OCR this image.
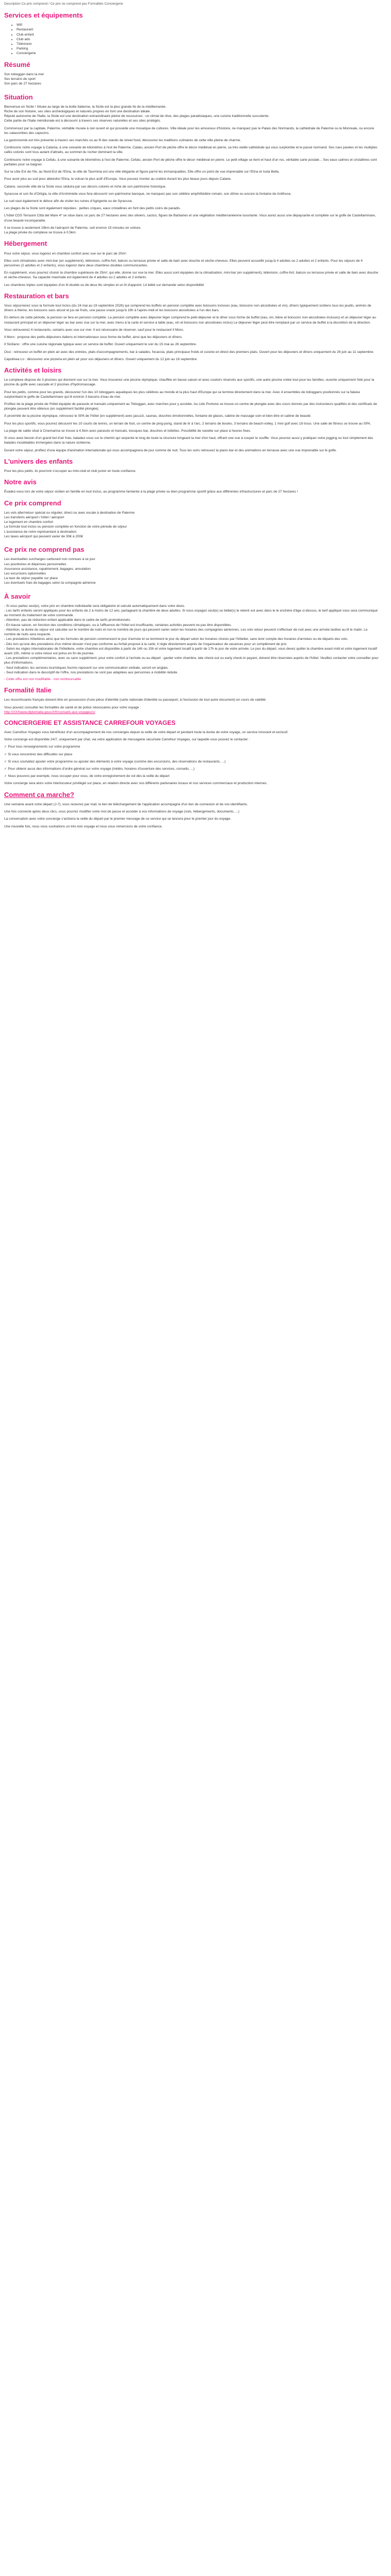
Description Ce prix comprend / Ce prix ne comprend pas Formalités Conciergerie
Services et équipements
• Wifi
• Restaurant
• Club enfant
• Club ado
• Télévision
• Parking
• Conciergerie
Résumé
Son toboggan dans la mer
Ses terrains de sport
Son parc de 27 hectares
Situation
Bienvenue en Sicile ! Située au large de la botte italienne, la Sicile est la plus grande île de la méditerranée.
Riche de son histoire, ses sites archéologiques et naturels propres en font une destination idéale.
Réputé autonome de l'Italie, la Sicile est une destination extraordinaire pleine de ressources : un climat de rêve, des plages paradisiaques, une cuisine traditionnelle succulente.

Cette partie de l'Italie méridionale est à découvrir à travers ses réserves naturelles et ses sites protégés.

Commencez par la capitale, Palerme, véritable musée à ciel ouvert et qui possède une mosaïque de cultures. Ville idéale pour les amoureux d'histoire, ne manquez pas le Palais des Normands, la cathédrale de Palerme ou le Monreale, ou encore les catacombes des capucins.

La gastronomie est très présente à travers ses marchés ou au fil des stands de street food, découvrez les traditions culinaires de cette ville pleine de charme.

Continuons notre voyage à Catania, à une soixante de kilomètres à l'est de Palerme, Catalu, ancien Port de pêche offre le décor médiéval en pierre, sa très vieille cathédrale qui vous surplombe et le passé normand. Ses rues pavées et les multiples cafés colorés sont tous autant d'attraits, au sommet du rocher dominant la ville.

Continuons notre voyage à Cefalu, à une soixante de kilomètres à l'est de Palerme, Cefalu, ancien Port de pêche offre le décor médiéval en pierre. Le petit village se tient et haut d'un roc, véritable carte postale... Ses eaux calmes et cristallines sont parfaites pour se baigner.

Sur la côte Est de l'île, au Nord-Est de l'Etna, la ville de Taormina est une ville élégante et figure parmi les immanquables. Elle offre un point de vue imprenable sur l'Etna et Isola Bella.

Pour avoir plus au sud pour atteindre l'Etna, le volcan le plus actif d'Europe. Vous pouvez monter au cratère durant les plus beaux jours depuis Catane.

Catane, seconde ville de la Sicile vous séduira par ses décors colorés et riche de son patrimoine historique.

Syracuse et son île d'Ortigia, la ville d'Archimède vous fera découvrir son patrimoine baroque, ne manquez pas son célèbre amphithéâtre romain, son dôme ou encore la fontaine de Aréthuse.

Le sud vaut également le détour afin de visiter les ruines d'Agrigente ou de Syracuse.

Les plages de la Sicile sont également réputées : petites criques, eaux cristallines en font des petits coins de paradis.

L'hôtel CDS Terrasini Città del Mare 4* se situe dans un parc de 27 hectares avec des oliviers, cactus, figues de Barbaries et une végétation méditerranéenne luxuriante. Vous aurez aussi une dépaysante et complète sur le golfe de Castellammare, d'une beauté incomparable.

Il se trouve à seulement 19km de l'aéroport de Palerme, soit environ 15 minutes en voiture.

La plage privée du complexe se trouve à 0.5km.

Hébergement

Pour votre séjour, vous logerez en chambre confort avec vue sur le parc de 20m².

Elles sont climatisées avec mini-bar (en supplément), télévision, coffre-fort, balcon ou terrasse privée et salle de bain avec douche et sèche-cheveux. Elles peuvent accueillir jusqu'à 4 adultes ou 2 adultes et 2 enfants. Pour les séjours de 4 personnes (2 adultes et 2 enfants), vous logerez dans deux chambres doubles communicantes.

En supplément, vous pourrez choisir la chambre supérieure de 25m², qui elle, donne sur vue la mer. Elles aussi sont équipées de la climatisation, mini-bar (en supplément), télévision, coffre-fort, balcon ou terrasse privée et salle de bain avec douche et sèche-cheveux. Sa capacité maximale est également de 4 adultes ou 2 adultes et 2 enfants.

Les chambres triples sont équipées d'un lit double ou de deux lits simples et un lit d'appoint. Lit bébé sur demande selon disponibilité

Restauration et bars

Vous séjournerez sous la formule tout inclus (du 24 mai au 19 septembre 2026) qui comprend les buffets en pension complète avec boissons incluses (eau, boissons non alcoolisées et vin), dîners typiquement siciliens tous les jeudis, animés de dîners à thème, les boissons sans alcool et jus de fruits, une pause snack jusqu'à 19h à l'après-midi et les boissons alcoolisées à l'un des bars.

En dehors de cette période, la pension se fera en pension complète. La pension complète avec déjeuner léger comprend le petit-déjeuner et le dîner sous forme de buffet (eau, vin, bière et boissons non-alcoolisées incluses) et un déjeuner léger au restaurant principal et un déjeuner léger au bar avec vue sur la mer, avec menu à la carte et service à table (eau, vin et boissons non alcoolisées inclus) Le déjeuner léger peut être remplacé par un service de buffet à la discrétion de la direction.

Vous retrouverez 4 restaurants, certains avec vue sur mer. Il est nécessaire de réserver, sauf pour le restaurant Il Moro.

Il Moro : propose des petits-déjeuners italiens et internationaux sous forme de buffet, ainsi que les déjeuners et dîners.

Il Siciliano : offre une cuisine régionale typique avec un service de buffet. Ouvert uniquement le soir du 15 mai au 26 septembre.

Ossi : retrouvez un buffet en plein air avec des entrées, plats d'accompagnements, bar à salades, focaccia, plats principaux froids et cuisine en direct des premiers plats. Ouvert pour les déjeuners et dîners uniquement du 26 juin au 11 septembre.

Capolinea Lo : découvrez une pizzeria en plein air pour vos déjeuners et dîners. Ouvert uniquement du 12 juin au 18 septembre.

Activités et loisirs

Le complexe dispose de 3 piscines qui donnent vue sur la mer. Vous trouverez une piscine olympique, chauffée en basse saison et avec couloirs réservés aux sportifs, une autre piscine créée tout pour les familles, ouverte uniquement l'été pour la piscine du golfe avec cascade et 2 piscines d'hydromassage.

Pour les petits, comme pour les grands, découvrez l'un des 10 toboggans aquatiques les plus célèbres au monde et la plus haut d'Europe qui se termine directement dans la mer. Avec 4 ensembles de toboggans positionnés sur la falaise surplombant le golfe de Castellammare qui lit environ 3 bassins d'eau de mer.

Profitez de la plage privée de l'hôtel équipée de parasols et transats uniquement au Toboggan, avec marches pour y accéder. Au Lido Pontone se trouve un centre de plongée avec des cours donnés par des instructeurs qualifiés et des certificats de plongée peuvent être obtenus (en supplément facilité plongée).

À proximité de la piscine olympique, retrouvez le SPA de l'hôtel (en supplément) avec jacuzzi, saunas, douches émotionnelles, fontaine de glaces, cabine de massage soin et bien-être et cabine de beauté.

Pour les plus sportifs, vous pourrez découvrir les 10 courts de tennis, un terrain de foot, un centre de ping-pong, stand de tir à l'arc, 2 terrains de boules, 3 terrains de beach-volley, 1 mini golf avec 18 trous. Une salle de fitness se trouve au SPA.

La plage de sable situé à Cinemarina se trouve à 4.5km avec parasols et transats, kiosques bar, douches et toilettes. Possibilité de navette sur place à heures fixes.

Si vous avez besoin d'un grand bol d'air frais, baladez-vous sur le chemin qui serpente le long de toute la structure longeant la mer d'en haut, offrant une vue à couper le souffle. Vous pourrez aussi y pratiquer votre jogging ou tout simplement des balades inoubliables immergées dans la nature sicilienne.

Durant votre séjour, profitez d'une équipe d'animation internationale qui vous accompagnera de jour comme de nuit. Tous les soirs retrouvez la piano bar et des animations en terrasse avec une vue imprenable sur le golfe.

L'univers des enfants

Pour les plus petits, ils pourront s'occuper au mini-club et club junior en toute confiance.

Notre avis

Évadez-vous lors de votre séjour sicilien en famille en tout inclus, au programme farniente à la plage privée ou bien programme sportif grâce aux différentes infrastructures et parc de 27 hectares !

Ce prix comprend
Les vols aller/retour spécial ou régulier, direct ou avec escale à destination de Palerme
Les transferts aéroport / hôtel / aéroport
Le logement en chambre confort
La formule tout inclus ou pension complète en fonction de votre période de séjour
L'assistance de notre représentant à destination
Les taxes aéroport qui peuvent varier de 30€ à 200€
Ce prix ne comprend pas
Les éventuelles surcharges carburant non connues à ce jour
Les pourboires et dépenses personnelles
Assurance assistance, rapatriement, bagages, annulation
Les excursions optionnelles
La taxe de séjour payable sur place
Les éventuels frais de bagages selon la compagnie aérienne
À savoir
- Si vous partez seul(e), votre prix en chambre individuelle sera obligatoire et calculé automatiquement dans votre devis.
- Les tarifs enfants seront appliqués pour les enfants de 2 à moins de 12 ans, partageant la chambre de deux adultes. Si vous voyagez seul(e) ou bébé(s) le retenir est avec dans le le enchère d'âge ci-dessus, le tarif appliqué vous sera communiqué au moment du traitement de votre commande.
- Attention, pas de réduction enfant applicable dans le cadre de tarifs promotionnels.
- En basse saison, en fonction des conditions climatiques, ou à l'affluence de l'hôtel est insuffisante, certaines activités peuvent ne pas être disponibles.
- Attention, la durée du séjour est calculée sur le nombre de nuits et non le nombre de jours qui peuvent varier selon les horaires des compagnies aériennes. Les vols retour peuvent s'effectuer de nuit avec une arrivée tardive au lit le matin. Le nombre de nuits sera respecté.
- Les prestations hôtelières ainsi que les formules de pension commencent le jour d'arrivée et se terminent le jour du départ selon les horaires choisis par l'hôtelier, sans tenir compte des horaires d'arrivées ou de départs des vols.
- Dès lors qu'une des prestations d'un même dossier n'est pas conforme au forfait proposé à la carte, il règle directement auprès de l'organisateur de vacances pour un complément de prix.
- Selon les règles internationales de l'hôtellerie, votre chambre est disponible à partir de 14h ou 15h et votre logement locatif à partir de 17h le jour de votre arrivée. Le jour du départ, vous devez quitter la chambre avant midi et votre logement locatif avant 10h, même si votre retour est prévu en fin de journée.
- Les prestations complémentaires, avec ou sans supplément, pour votre confort à l'arrivée ou au départ : garder votre chambre, late check-out ou early check-in payant, doivent être réservées auprès de l'hôtel. Veuillez contacter votre conseiller pour plus d'informations.
- Seul indication, les services touristiques fournis reposent sur une communication verbale, seront en anglais.
- Seul indication dans le descriptif de l'offre, nos prestations ne sont pas adaptées aux personnes à mobilité réduite.

- Cette offre est non modifiable - non remboursable

Formalité Italie

Les ressortissants français doivent être en possession d'une pièce d'identité (carte nationale d'identité ou passeport, à l'exclusion de tout autre document) en cours de validité.

Vous pouvez consulter les formalités de santé et de police nécessaires pour votre voyage :

http:XXXXwww.diplomatie.gouv.fr/fr/conseils-aux-voyageurs/

CONCIERGERIE ET ASSISTANCE CARREFOUR VOYAGES

Avec Carrefour Voyages vous bénéficiez d'un accompagnement de nos concierges depuis la veille de votre départ et pendant toute la durée de votre voyage, un service innovant et exclusif.

Votre concierge est disponible 24/7, uniquement par chat, via votre application de messagerie sécurisée Carrefour Voyages, sur laquelle vous pouvez le contacter :

✓ Pour tous renseignements sur votre programme

✓ Si vous rencontrez des difficultés sur place

✓ Si vous souhaitez ajouter votre programme ou ajouter des éléments à votre voyage (comme des excursions, des réservations de restaurants, ...)

✓ Pour obtenir aussi des informations d'ordre général sur votre voyage (météo, horaires d'ouverture des services, conseils, ...)

✓ Nous pouvons par exemple, nous occuper pour vous, de votre enregistrement de vol dès la veille du départ

Votre concierge sera alors votre interlocuteur privilégié sur place, en relation directe avec nos différents partenaires locaux et nos services commerciaux et production internes.

Comment ça marche?

Une semaine avant votre départ (J-7), vous recevrez par mail, le lien de téléchargement de l'application accompagné d'un lien de connexion et de vos identifiants.

Une fois connecté après deux clics, vous pourrez modifier votre mot de passe et accéder à vos informations de voyage (vols, hébergements, documents, ...)

La conversation avec votre concierge s'activera la veille du départ par le premier message de ce service qui se lancera pour le premier jour du voyage.

Une nouvelle fois, nous vous souhaitons un très bon voyage et nous vous remercions de votre confiance.
